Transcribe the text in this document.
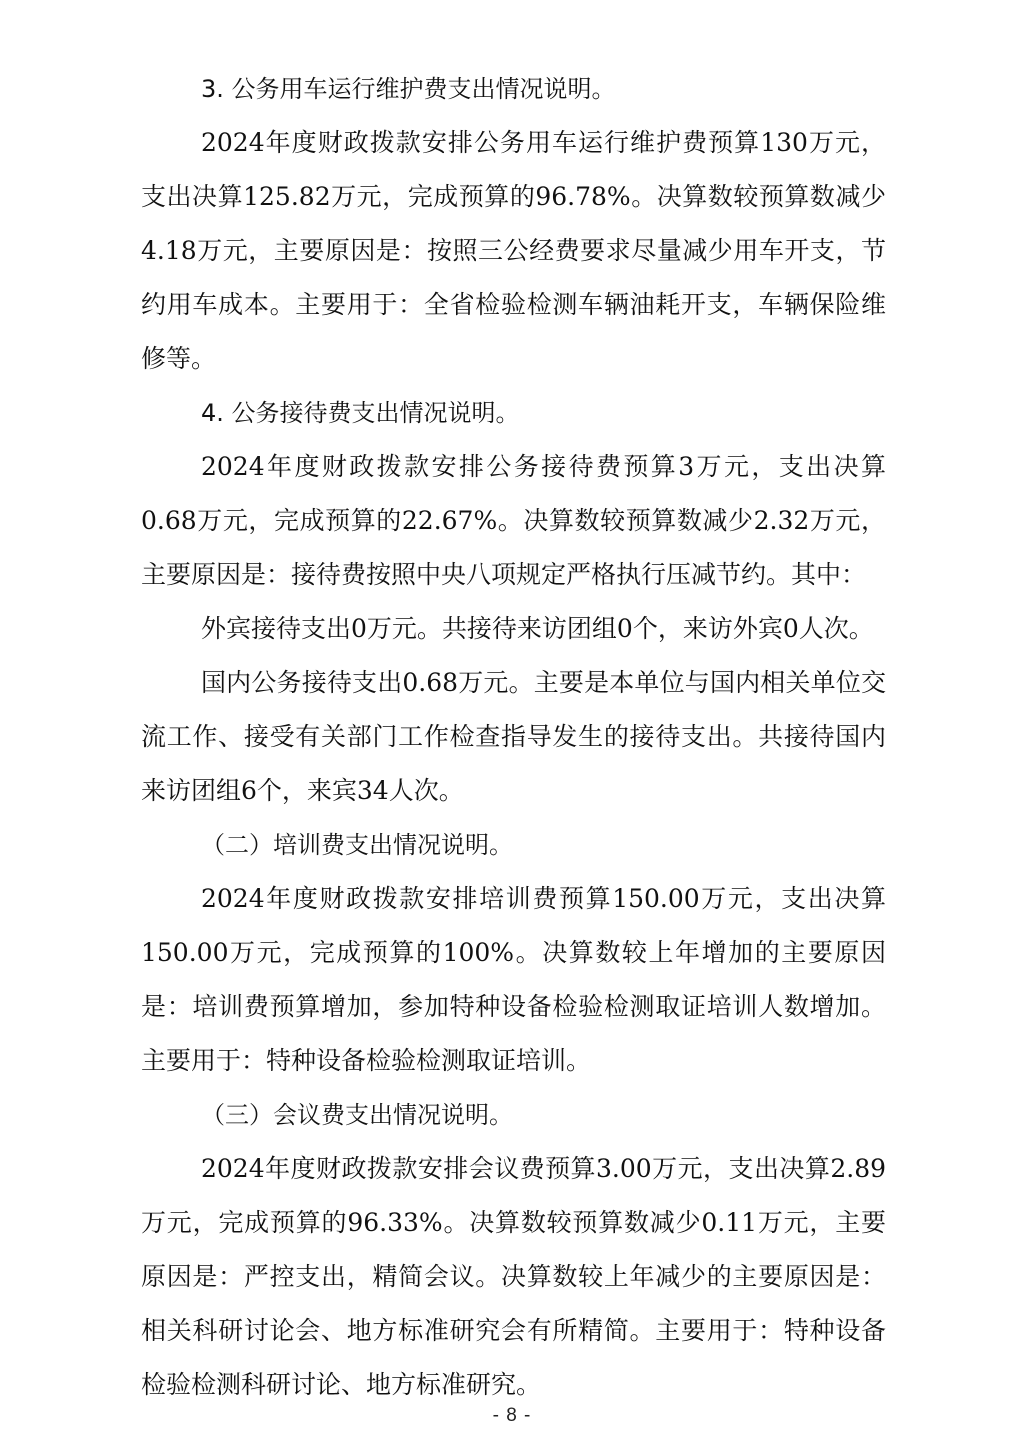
3. 公务用车运行维护费支出情况说明。

2024年度财政拨款安排公务用车运行维护费预算130万元，支出决算125.82万元，完成预算的96.78%。决算数较预算数减少4.18万元，主要原因是：按照三公经费要求尽量减少用车开支，节约用车成本。主要用于：全省检验检测车辆油耗开支，车辆保险维修等。

4. 公务接待费支出情况说明。

2024年度财政拨款安排公务接待费预算3万元，支出决算0.68万元，完成预算的22.67%。决算数较预算数减少2.32万元，主要原因是：接待费按照中央八项规定严格执行压减节约。其中：

外宾接待支出0万元。共接待来访团组0个，来访外宾0人次。

国内公务接待支出0.68万元。主要是本单位与国内相关单位交流工作、接受有关部门工作检查指导发生的接待支出。共接待国内来访团组6个，来宾34人次。

（二）培训费支出情况说明。

2024年度财政拨款安排培训费预算150.00万元，支出决算150.00万元，完成预算的100%。决算数较上年增加的主要原因是：培训费预算增加，参加特种设备检验检测取证培训人数增加。主要用于：特种设备检验检测取证培训。

（三）会议费支出情况说明。

2024年度财政拨款安排会议费预算3.00万元，支出决算2.89万元，完成预算的96.33%。决算数较预算数减少0.11万元，主要原因是：严控支出，精简会议。决算数较上年减少的主要原因是：相关科研讨论会、地方标准研究会有所精简。主要用于：特种设备检验检测科研讨论、地方标准研究。

- 8 -
